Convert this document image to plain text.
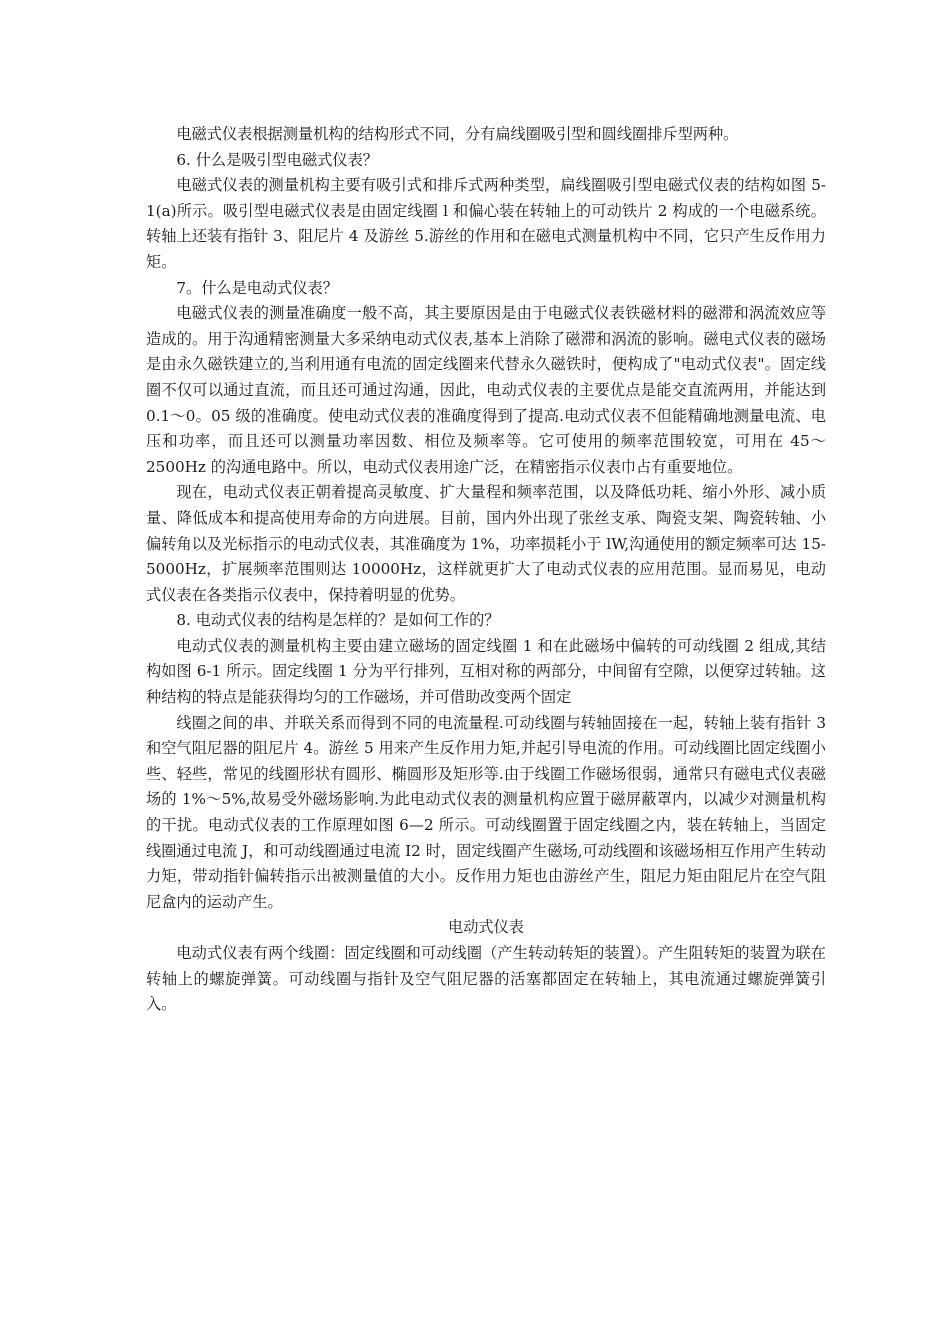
电磁式仪表根据测量机构的结构形式不同，分有扁线圈吸引型和圆线圈排斥型两种。

6. 什么是吸引型电磁式仪表？

电磁式仪表的测量机构主要有吸引式和排斥式两种类型，扁线圈吸引型电磁式仪表的结构如图 5-1(a)所示。吸引型电磁式仪表是由固定线圈 l 和偏心装在转轴上的可动铁片 2 构成的一个电磁系统。转轴上还装有指针 3、阻尼片 4 及游丝 5.游丝的作用和在磁电式测量机构中不同，它只产生反作用力矩。

7。什么是电动式仪表？

电磁式仪表的测量准确度一般不高，其主要原因是由于电磁式仪表铁磁材料的磁滞和涡流效应等造成的。用于沟通精密测量大多采纳电动式仪表,基本上消除了磁滞和涡流的影响。磁电式仪表的磁场是由永久磁铁建立的,当利用通有电流的固定线圈来代替永久磁铁时，便构成了"电动式仪表"。固定线圈不仅可以通过直流，而且还可通过沟通，因此，电动式仪表的主要优点是能交直流两用，并能达到 0.1～0。05 级的准确度。使电动式仪表的准确度得到了提高.电动式仪表不但能精确地测量电流、电压和功率，而且还可以测量功率因数、相位及频率等。它可使用的频率范围较宽，可用在 45～2500Hz 的沟通电路中。所以，电动式仪表用途广泛，在精密指示仪表巾占有重要地位。

现在，电动式仪表正朝着提高灵敏度、扩大量程和频率范围，以及降低功耗、缩小外形、减小质量、降低成本和提高使用寿命的方向进展。目前，国内外出现了张丝支承、陶瓷支架、陶瓷转轴、小偏转角以及光标指示的电动式仪表，其准确度为 1%，功率损耗小于 lW,沟通使用的额定频率可达 15-5000Hz，扩展频率范围则达 10000Hz，这样就更扩大了电动式仪表的应用范围。显而易见，电动式仪表在各类指示仪表中，保持着明显的优势。

8. 电动式仪表的结构是怎样的？是如何工作的？

电动式仪表的测量机构主要由建立磁场的固定线圈 1 和在此磁场中偏转的可动线圈 2 组成,其结构如图 6-1 所示。固定线圈 1 分为平行排列，互相对称的两部分，中间留有空隙，以便穿过转轴。这种结构的特点是能获得均匀的工作磁场，并可借助改变两个固定

线圈之间的串、并联关系而得到不同的电流量程.可动线圈与转轴固接在一起，转轴上装有指针 3 和空气阻尼器的阻尼片 4。游丝 5 用来产生反作用力矩,并起引导电流的作用。可动线圈比固定线圈小些、轻些，常见的线圈形状有圆形、椭圆形及矩形等.由于线圈工作磁场很弱，通常只有磁电式仪表磁场的 1%～5%,故易受外磁场影响.为此电动式仪表的测量机构应置于磁屏蔽罩内，以减少对测量机构的干扰。电动式仪表的工作原理如图 6—2 所示。可动线圈置于固定线圈之内，装在转轴上，当固定线圈通过电流 J，和可动线圈通过电流 I2 时，固定线圈产生磁场,可动线圈和该磁场相互作用产生转动力矩，带动指针偏转指示出被测量值的大小。反作用力矩也由游丝产生，阻尼力矩由阻尼片在空气阻尼盒内的运动产生。

电动式仪表

电动式仪表有两个线圈：固定线圈和可动线圈（产生转动转矩的装置）。产生阻转矩的装置为联在转轴上的螺旋弹簧。可动线圈与指针及空气阻尼器的活塞都固定在转轴上，其电流通过螺旋弹簧引入。
